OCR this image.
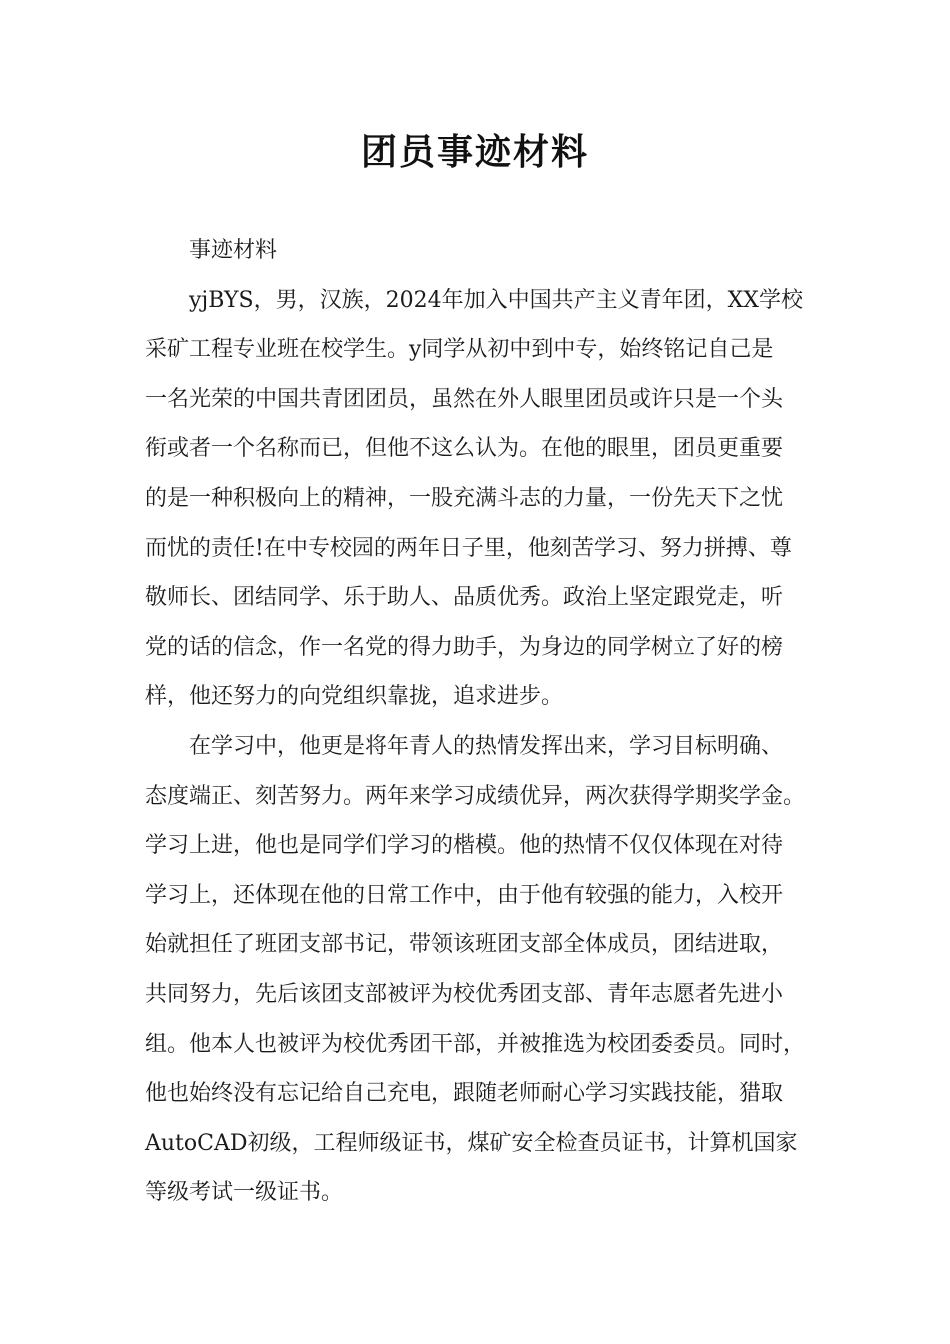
团员事迹材料
事迹材料
yjBYS，男，汉族，2024年加入中国共产主义青年团，XX学校
采矿工程专业班在校学生。y同学从初中到中专，始终铭记自己是
一名光荣的中国共青团团员，虽然在外人眼里团员或许只是一个头
衔或者一个名称而已，但他不这么认为。在他的眼里，团员更重要
的是一种积极向上的精神，一股充满斗志的力量，一份先天下之忧
而忧的责任!在中专校园的两年日子里，他刻苦学习、努力拼搏、尊
敬师长、团结同学、乐于助人、品质优秀。政治上坚定跟党走，听
党的话的信念，作一名党的得力助手，为身边的同学树立了好的榜
样，他还努力的向党组织靠拢，追求进步。
在学习中，他更是将年青人的热情发挥出来，学习目标明确、
态度端正、刻苦努力。两年来学习成绩优异，两次获得学期奖学金。
学习上进，他也是同学们学习的楷模。他的热情不仅仅体现在对待
学习上，还体现在他的日常工作中，由于他有较强的能力，入校开
始就担任了班团支部书记，带领该班团支部全体成员，团结进取，
共同努力，先后该团支部被评为校优秀团支部、青年志愿者先进小
组。他本人也被评为校优秀团干部，并被推选为校团委委员。同时，
他也始终没有忘记给自己充电，跟随老师耐心学习实践技能，猎取
AutoCAD初级，工程师级证书，煤矿安全检查员证书，计算机国家
等级考试一级证书。
